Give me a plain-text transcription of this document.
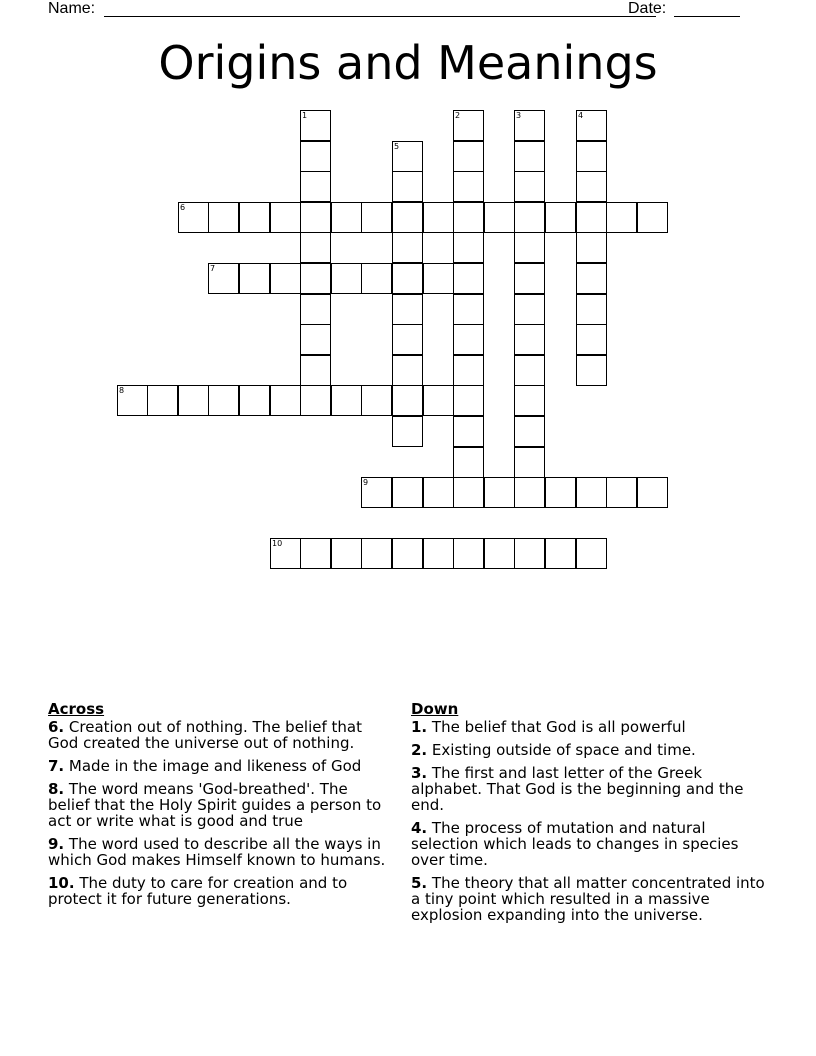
Name:	Date:
Origins and Meanings
1	2	3	4
5
6
7
8
9
10
Across
6. Creation out of nothing. The belief that God created the universe out of nothing.
7. Made in the image and likeness of God
8. The word means 'God-breathed'. The belief that the Holy Spirit guides a person to act or write what is good and true
9. The word used to describe all the ways in which God makes Himself known to humans.
10. The duty to care for creation and to protect it for future generations.
Down
1. The belief that God is all powerful
2. Existing outside of space and time.
3. The first and last letter of the Greek alphabet. That God is the beginning and the end.
4. The process of mutation and natural selection which leads to changes in species over time.
5. The theory that all matter concentrated into a tiny point which resulted in a massive explosion expanding into the universe.
